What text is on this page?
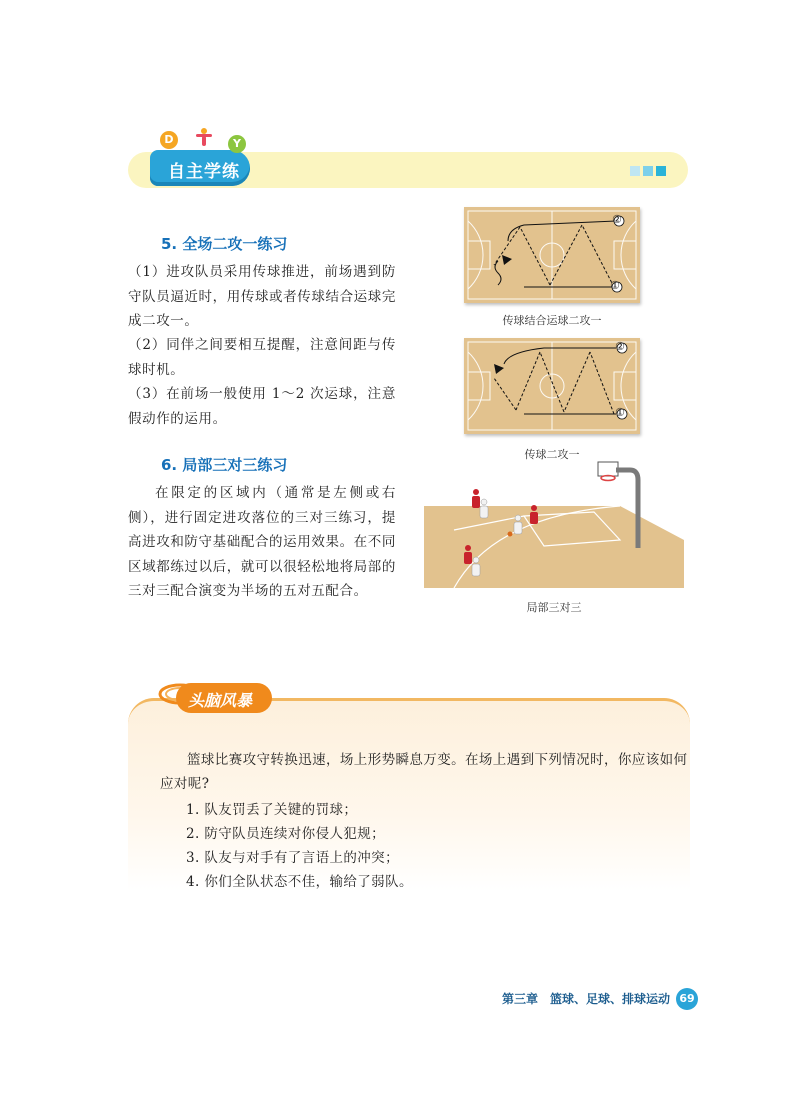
D	Y
自主学练
5. 全场二攻一练习

（1）进攻队员采用传球推进，前场遇到防守队员逼近时，用传球或者传球结合运球完成二攻一。

（2）同伴之间要相互提醒，注意间距与传球时机。

（3）在前场一般使用 1～2 次运球，注意假动作的运用。

6. 局部三对三练习

在限定的区域内（通常是左侧或右侧），进行固定进攻落位的三对三练习，提高进攻和防守基础配合的运用效果。在不同区域都练过以后，就可以很轻松地将局部的三对三配合演变为半场的五对五配合。

②
①
传球结合运球二攻一
②
①
传球二攻一
局部三对三
头脑风暴

篮球比赛攻守转换迅速，场上形势瞬息万变。在场上遇到下列情况时，你应该如何应对呢?

1. 队友罚丢了关键的罚球；
2. 防守队员连续对你侵人犯规；
3. 队友与对手有了言语上的冲突；
4. 你们全队状态不佳，输给了弱队。
第三章　篮球、足球、排球运动 69
